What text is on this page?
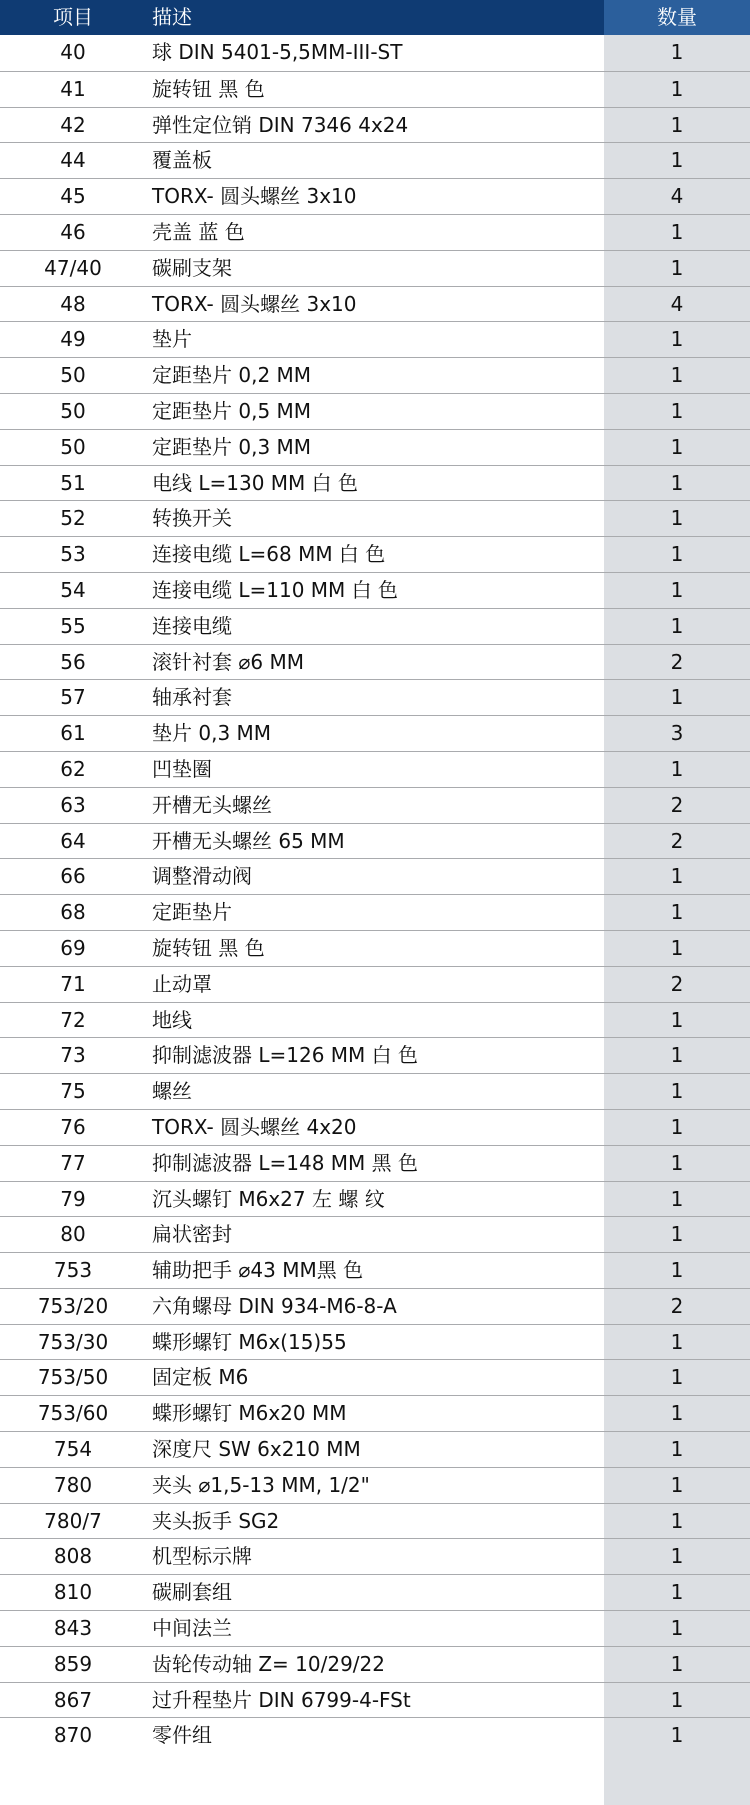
项目	描述	数量
40	球 DIN 5401-5,5MM-III-ST	1
41	旋转钮 黑 色	1
42	弹性定位销 DIN 7346 4x24	1
44	覆盖板	1
45	TORX- 圆头螺丝 3x10	4
46	壳盖 蓝 色	1
47/40	碳刷支架	1
48	TORX- 圆头螺丝 3x10	4
49	垫片	1
50	定距垫片 0,2 MM	1
50	定距垫片 0,5 MM	1
50	定距垫片 0,3 MM	1
51	电线 L=130 MM 白 色	1
52	转换开关	1
53	连接电缆 L=68 MM 白 色	1
54	连接电缆 L=110 MM 白 色	1
55	连接电缆	1
56	滚针衬套 ⌀6 MM	2
57	轴承衬套	1
61	垫片 0,3 MM	3
62	凹垫圈	1
63	开槽无头螺丝	2
64	开槽无头螺丝 65 MM	2
66	调整滑动阀	1
68	定距垫片	1
69	旋转钮 黑 色	1
71	止动罩	2
72	地线	1
73	抑制滤波器 L=126 MM 白 色	1
75	螺丝	1
76	TORX- 圆头螺丝 4x20	1
77	抑制滤波器 L=148 MM 黑 色	1
79	沉头螺钉 M6x27 左 螺 纹	1
80	扁状密封	1
753	辅助把手 ⌀43 MM黑 色	1
753/20	六角螺母 DIN 934-M6-8-A	2
753/30	蝶形螺钉 M6x(15)55	1
753/50	固定板 M6	1
753/60	蝶形螺钉 M6x20 MM	1
754	深度尺 SW 6x210 MM	1
780	夹头 ⌀1,5-13 MM, 1/2"	1
780/7	夹头扳手 SG2	1
808	机型标示牌	1
810	碳刷套组	1
843	中间法兰	1
859	齿轮传动轴 Z= 10/29/22	1
867	过升程垫片 DIN 6799-4-FSt	1
870	零件组	1
